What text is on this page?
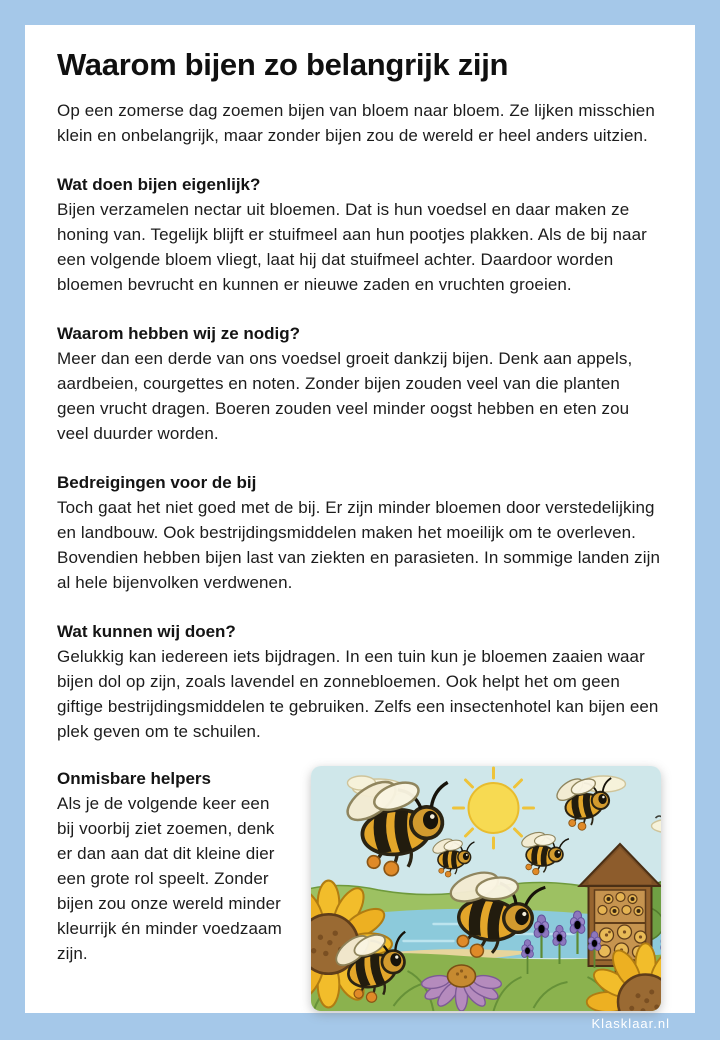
Waarom bijen zo belangrijk zijn

Op een zomerse dag zoemen bijen van bloem naar bloem. Ze lijken misschien klein en onbelangrijk, maar zonder bijen zou de wereld er heel anders uitzien.

Wat doen bijen eigenlijk?
Bijen verzamelen nectar uit bloemen. Dat is hun voedsel en daar maken ze honing van. Tegelijk blijft er stuifmeel aan hun pootjes plakken. Als de bij naar een volgende bloem vliegt, laat hij dat stuifmeel achter. Daardoor worden bloemen bevrucht en kunnen er nieuwe zaden en vruchten groeien.
Waarom hebben wij ze nodig?
Meer dan een derde van ons voedsel groeit dankzij bijen. Denk aan appels, aardbeien, courgettes en noten. Zonder bijen zouden veel van die planten geen vrucht dragen. Boeren zouden veel minder oogst hebben en eten zou veel duurder worden.
Bedreigingen voor de bij
Toch gaat het niet goed met de bij. Er zijn minder bloemen door verstedelijking en landbouw. Ook bestrijdingsmiddelen maken het moeilijk om te overleven. Bovendien hebben bijen last van ziekten en parasieten. In sommige landen zijn al hele bijenvolken verdwenen.
Wat kunnen wij doen?
Gelukkig kan iedereen iets bijdragen. In een tuin kun je bloemen zaaien waar bijen dol op zijn, zoals lavendel en zonnebloemen. Ook helpt het om geen giftige bestrijdingsmiddelen te gebruiken. Zelfs een insectenhotel kan bijen een plek geven om te schuilen.
Onmisbare helpers
Als je de volgende keer een bij voorbij ziet zoemen, denk er dan aan dat dit kleine dier een grote rol speelt. Zonder bijen zou onze wereld minder kleurrijk én minder voedzaam zijn.
Klasklaar.nl
